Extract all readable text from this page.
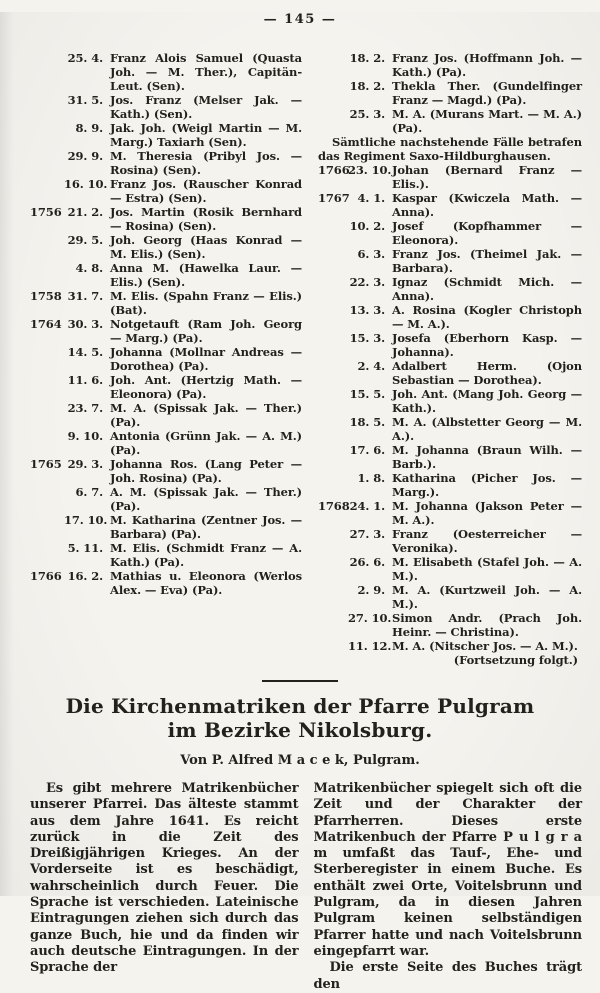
— 145 —
25. 4. Franz Alois Samuel (Quasta Joh. — M. Ther.), Capitän-Leut. (Sen).
31. 5. Jos. Franz (Melser Jak. — Kath.) (Sen).
8. 9. Jak. Joh. (Weigl Martin — M. Marg.) Taxiarh (Sen).
29. 9. M. Theresia (Pribyl Jos. — Rosina) (Sen).
16. 10. Franz Jos. (Rauscher Konrad — Estra) (Sen).
1756 21. 2. Jos. Martin (Rosik Bernhard — Rosina) (Sen).
29. 5. Joh. Georg (Haas Konrad — M. Elis.) (Sen).
4. 8. Anna M. (Hawelka Laur. — Elis.) (Sen).
1758 31. 7. M. Elis. (Spahn Franz — Elis.) (Bat).
1764 30. 3. Notgetauft (Ram Joh. Georg — Marg.) (Pa).
14. 5. Johanna (Mollnar Andreas — Dorothea) (Pa).
11. 6. Joh. Ant. (Hertzig Math. — Eleonora) (Pa).
23. 7. M. A. (Spissak Jak. — Ther.) (Pa).
9. 10. Antonia (Grünn Jak. — A. M.) (Pa).
1765 29. 3. Johanna Ros. (Lang Peter — Joh. Rosina) (Pa).
6. 7. A. M. (Spissak Jak. — Ther.) (Pa).
17. 10. M. Katharina (Zentner Jos. — Barbara) (Pa).
5. 11. M. Elis. (Schmidt Franz — A. Kath.) (Pa).
1766 16. 2. Mathias u. Eleonora (Werlos Alex. — Eva) (Pa).
18. 2. Franz Jos. (Hoffmann Joh. — Kath.) (Pa).
18. 2. Thekla Ther. (Gundelfinger Franz — Magd.) (Pa).
25. 3. M. A. (Murans Mart. — M. A.) (Pa).

Sämtliche nachstehende Fälle betrafen das Regiment Saxo-Hildburghausen.

1766
23. 10. Johan (Bernard Franz — Elis.).
1767 4. 1. Kaspar (Kwiczela Math. — Anna).
10. 2. Josef (Kopfhammer — Eleonora).
6. 3. Franz Jos. (Theimel Jak. — Barbara).
22. 3. Ignaz (Schmidt Mich. — Anna).
13. 3. A. Rosina (Kogler Christoph — M. A.).
15. 3. Josefa (Eberhorn Kasp. — Johanna).
2. 4. Adalbert Herm. (Ojon Sebastian — Dorothea).
15. 5. Joh. Ant. (Mang Joh. Georg — Kath.).
18. 5. M. A. (Albstetter Georg — M. A.).
17. 6. M. Johanna (Braun Wilh. — Barb.).
1. 8. Katharina (Picher Jos. — Marg.).
1768 24. 1. M. Johanna (Jakson Peter — M. A.).
27. 3. Franz (Oesterreicher — Veronika).
26. 6. M. Elisabeth (Stafel Joh. — A. M.).
2. 9. M. A. (Kurtzweil Joh. — A. M.).
27. 10. Simon Andr. (Prach Joh. Heinr. — Christina).
11. 12. M. A. (Nitscher Jos. — A. M.).
(Fortsetzung folgt.)
Die Kirchenmatriken der Pfarre Pulgram
im Bezirke Nikolsburg.
Von P. Alfred M a c e k, Pulgram.

Es gibt mehrere Matrikenbücher unserer Pfarrei. Das älteste stammt aus dem Jahre 1641. Es reicht zurück in die Zeit des Dreißigjährigen Krieges. An der Vorderseite ist es beschädigt, wahrscheinlich durch Feuer. Die Sprache ist verschieden. Lateinische Eintragungen ziehen sich durch das ganze Buch, hie und da finden wir auch deutsche Eintragungen. In der Sprache der

Matrikenbücher spiegelt sich oft die Zeit und der Charakter der Pfarrherren. Dieses erste Matrikenbuch der Pfarre P u l g r a m umfaßt das Tauf-, Ehe- und Sterberegister in einem Buche. Es enthält zwei Orte, Voitelsbrunn und Pulgram, da in diesen Jahren Pulgram keinen selbständigen Pfarrer hatte und nach Voitelsbrunn eingepfarrt war.

Die erste Seite des Buches trägt den
